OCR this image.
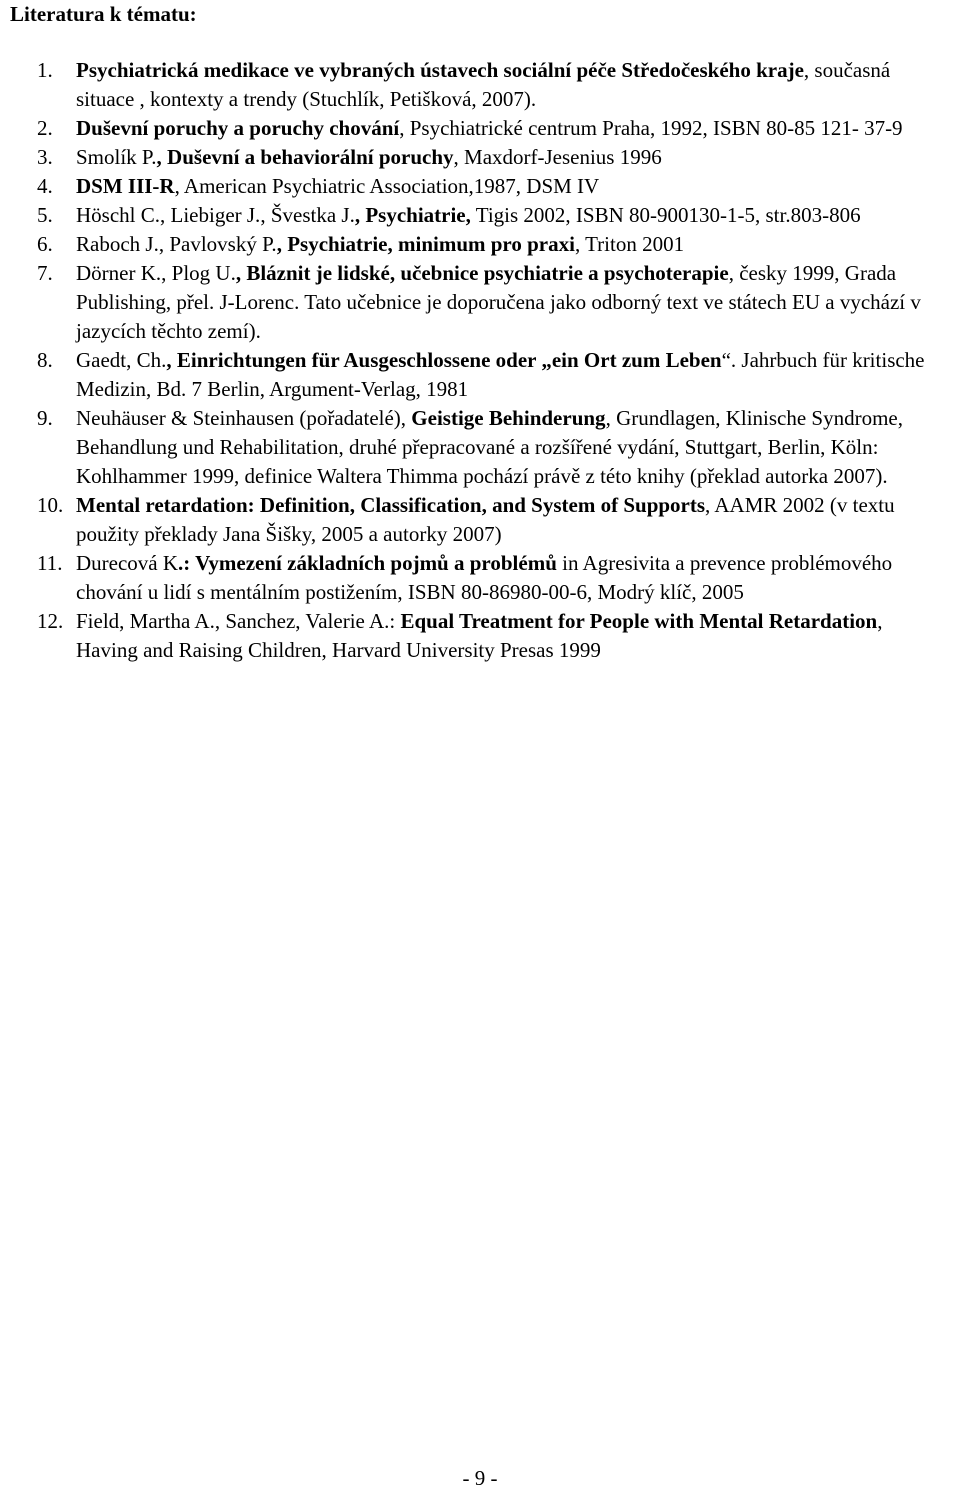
Literatura k tématu:
1. Psychiatrická medikace ve vybraných ústavech sociální péče Středočeského kraje, současná situace , kontexty a trendy (Stuchlík, Petišková, 2007).
2. Duševní poruchy a poruchy chování, Psychiatrické centrum Praha, 1992, ISBN 80-85 121- 37-9
3. Smolík P., Duševní a behaviorální poruchy, Maxdorf-Jesenius 1996
4. DSM III-R, American Psychiatric Association,1987, DSM IV
5. Höschl C., Liebiger J., Švestka J., Psychiatrie, Tigis 2002, ISBN 80-900130-1-5, str.803-806
6. Raboch J., Pavlovský P., Psychiatrie, minimum pro praxi, Triton 2001
7. Dörner K., Plog U., Bláznit je lidské, učebnice psychiatrie a psychoterapie, česky 1999, Grada Publishing, přel. J-Lorenc. Tato učebnice je doporučena jako odborný text ve státech EU a vychází v jazycích těchto zemí).
8. Gaedt, Ch., Einrichtungen für Ausgeschlossene oder „ein Ort zum Leben“. Jahrbuch für kritische Medizin, Bd. 7 Berlin, Argument-Verlag, 1981
9. Neuhäuser & Steinhausen (pořadatelé), Geistige Behinderung, Grundlagen, Klinische Syndrome, Behandlung und Rehabilitation, druhé přepracované a rozšířené vydání, Stuttgart, Berlin, Köln: Kohlhammer 1999, definice Waltera Thimma pochází právě z této knihy (překlad autorka 2007).
10. Mental retardation: Definition, Classification, and System of Supports, AAMR 2002 (v textu použity překlady Jana Šišky, 2005 a autorky 2007)
11. Durecová K.: Vymezení základních pojmů a problémů in Agresivita a prevence problémového chování u lidí s mentálním postižením, ISBN 80-86980-00-6, Modrý klíč, 2005
12. Field, Martha A., Sanchez, Valerie A.: Equal Treatment for People with Mental Retardation, Having and Raising Children, Harvard University Presas 1999
- 9 -
